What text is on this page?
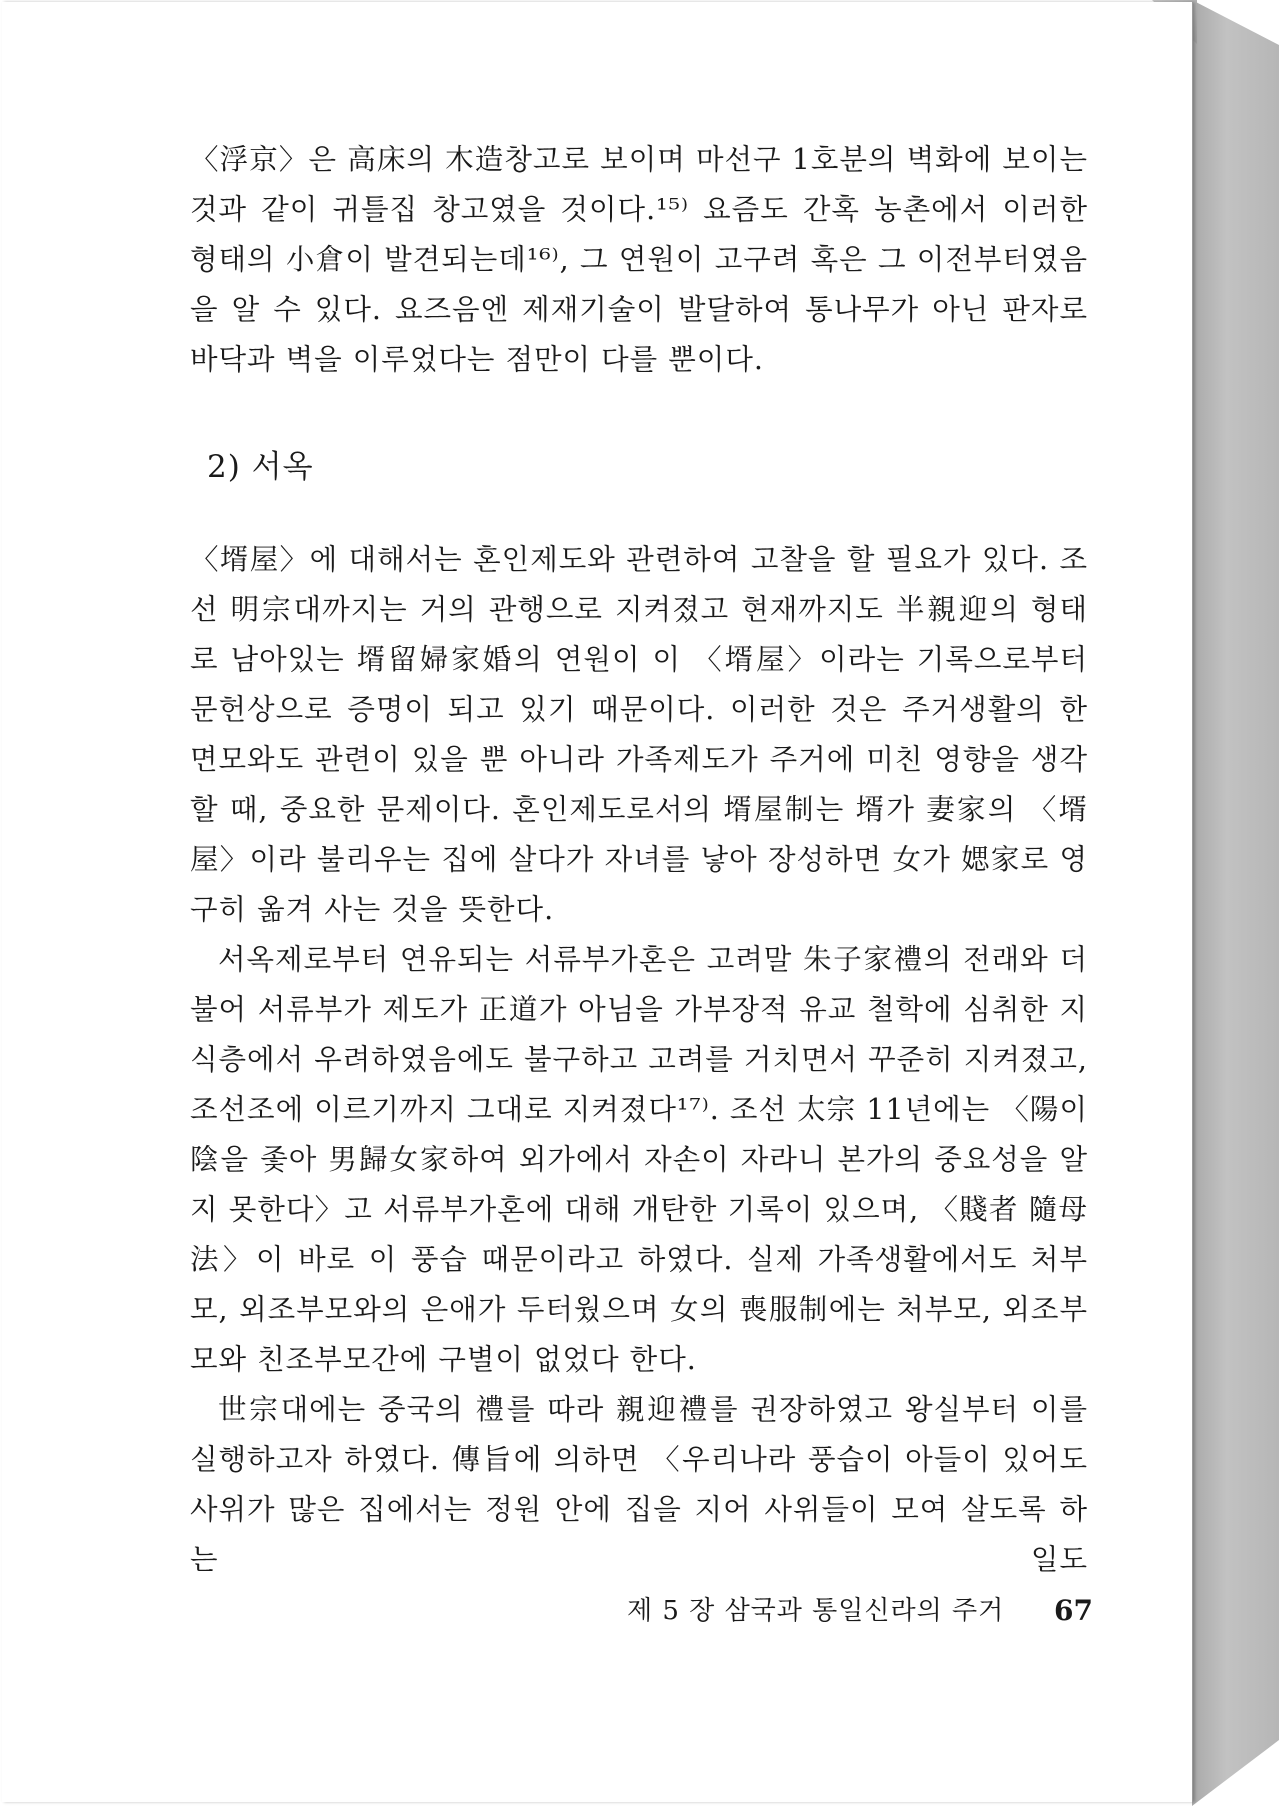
〈浮京〉은 高床의 木造창고로 보이며 마선구 1호분의 벽화에 보이는 것과 같이 귀틀집 창고였을 것이다.¹⁵⁾ 요즘도 간혹 농촌에서 이러한 형태의 小倉이 발견되는데¹⁶⁾, 그 연원이 고구려 혹은 그 이전부터였음을 알 수 있다. 요즈음엔 제재기술이 발달하여 통나무가 아닌 판자로 바닥과 벽을 이루었다는 점만이 다를 뿐이다.
2) 서옥
〈壻屋〉에 대해서는 혼인제도와 관련하여 고찰을 할 필요가 있다. 조선 明宗대까지는 거의 관행으로 지켜졌고 현재까지도 半親迎의 형태로 남아있는 壻留婦家婚의 연원이 이 〈壻屋〉이라는 기록으로부터 문헌상으로 증명이 되고 있기 때문이다. 이러한 것은 주거생활의 한 면모와도 관련이 있을 뿐 아니라 가족제도가 주거에 미친 영향을 생각할 때, 중요한 문제이다. 혼인제도로서의 壻屋制는 壻가 妻家의 〈壻屋〉이라 불리우는 집에 살다가 자녀를 낳아 장성하면 女가 媤家로 영구히 옮겨 사는 것을 뜻한다.
서옥제로부터 연유되는 서류부가혼은 고려말 朱子家禮의 전래와 더불어 서류부가 제도가 正道가 아님을 가부장적 유교 철학에 심취한 지식층에서 우려하였음에도 불구하고 고려를 거치면서 꾸준히 지켜졌고, 조선조에 이르기까지 그대로 지켜졌다¹⁷⁾. 조선 太宗 11년에는 〈陽이 陰을 좇아 男歸女家하여 외가에서 자손이 자라니 본가의 중요성을 알지 못한다〉고 서류부가혼에 대해 개탄한 기록이 있으며, 〈賤者 隨母法〉이 바로 이 풍습 때문이라고 하였다. 실제 가족생활에서도 처부모, 외조부모와의 은애가 두터웠으며 女의 喪服制에는 처부모, 외조부모와 친조부모간에 구별이 없었다 한다.
世宗대에는 중국의 禮를 따라 親迎禮를 권장하였고 왕실부터 이를 실행하고자 하였다. 傳旨에 의하면 〈우리나라 풍습이 아들이 있어도 사위가 많은 집에서는 정원 안에 집을 지어 사위들이 모여 살도록 하는 일도
제 5 장 삼국과 통일신라의 주거 67
